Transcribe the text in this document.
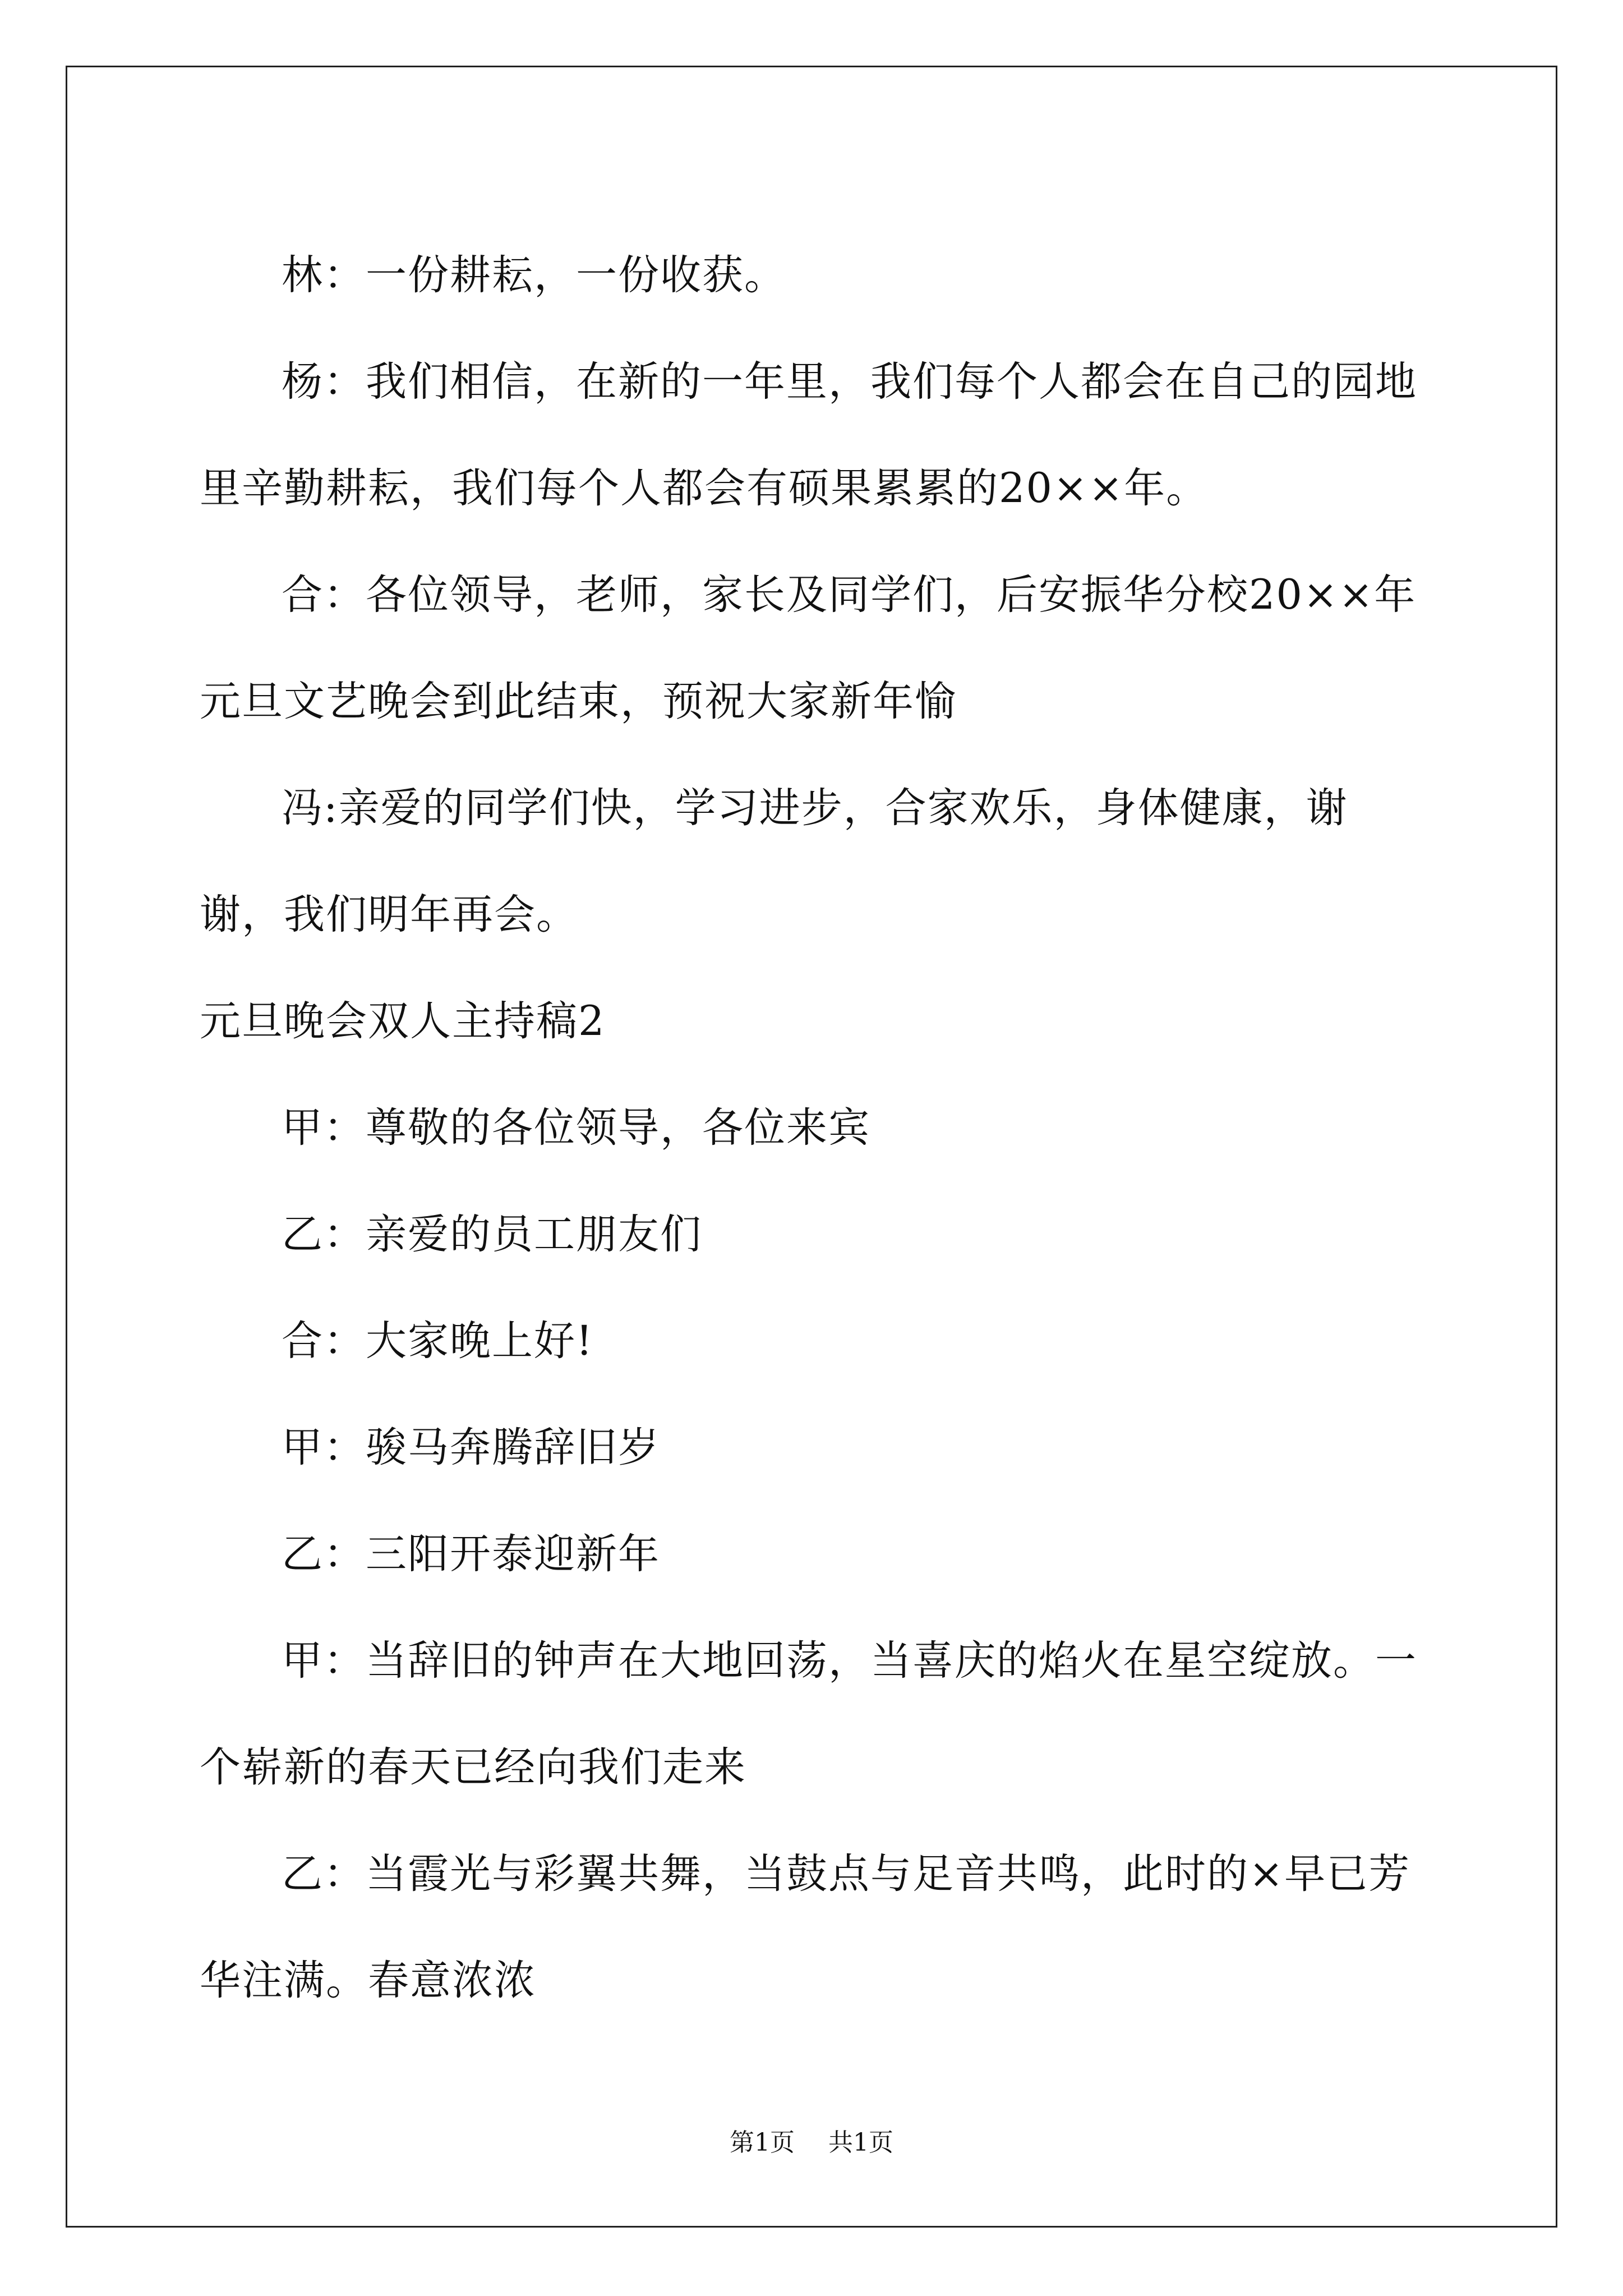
林：一份耕耘，一份收获。

杨：我们相信，在新的一年里，我们每个人都会在自己的园地里辛勤耕耘，我们每个人都会有硕果累累的20××年。

合：各位领导，老师，家长及同学们，后安振华分校20××年元旦文艺晚会到此结束，预祝大家新年愉

冯:亲爱的同学们快，学习进步，合家欢乐，身体健康，谢谢，我们明年再会。

元旦晚会双人主持稿2

甲：尊敬的各位领导，各位来宾

乙：亲爱的员工朋友们

合：大家晚上好!

甲：骏马奔腾辞旧岁

乙：三阳开泰迎新年

甲：当辞旧的钟声在大地回荡，当喜庆的焰火在星空绽放。一个崭新的春天已经向我们走来

乙：当霞光与彩翼共舞，当鼓点与足音共鸣，此时的×早已芳华注满。春意浓浓

第1页 共1页
